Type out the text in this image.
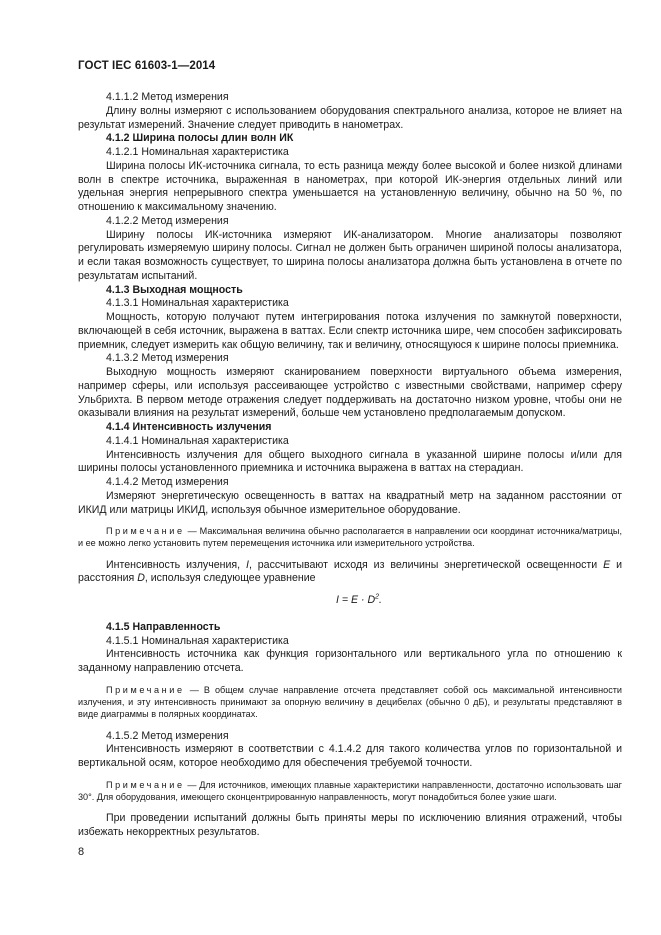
ГОСТ IEC 61603-1—2014

4.1.1.2 Метод измерения

Длину волны измеряют с использованием оборудования спектрального анализа, которое не влияет на результат измерений. Значение следует приводить в нанометрах.

4.1.2 Ширина полосы длин волн ИК

4.1.2.1 Номинальная характеристика

Ширина полосы ИК-источника сигнала, то есть разница между более высокой и более низкой длинами волн в спектре источника, выраженная в нанометрах, при которой ИК-энергия отдельных линий или удельная энергия непрерывного спектра уменьшается на установленную величину, обычно на 50 %, по отношению к максимальному значению.

4.1.2.2 Метод измерения

Ширину полосы ИК-источника измеряют ИК-анализатором. Многие анализаторы позволяют регулировать измеряемую ширину полосы. Сигнал не должен быть ограничен шириной полосы анализатора, и если такая возможность существует, то ширина полосы анализатора должна быть установлена в отчете по результатам испытаний.

4.1.3 Выходная мощность

4.1.3.1 Номинальная характеристика

Мощность, которую получают путем интегрирования потока излучения по замкнутой поверхности, включающей в себя источник, выражена в ваттах. Если спектр источника шире, чем способен зафиксировать приемник, следует измерить как общую величину, так и величину, относящуюся к ширине полосы приемника.

4.1.3.2 Метод измерения

Выходную мощность измеряют сканированием поверхности виртуального объема измерения, например сферы, или используя рассеивающее устройство с известными свойствами, например сферу Ульбрихта. В первом методе отражения следует поддерживать на достаточно низком уровне, чтобы они не оказывали влияния на результат измерений, больше чем установлено предполагаемым допуском.

4.1.4 Интенсивность излучения

4.1.4.1 Номинальная характеристика

Интенсивность излучения для общего выходного сигнала в указанной ширине полосы и/или для ширины полосы установленного приемника и источника выражена в ваттах на стерадиан.

4.1.4.2 Метод измерения

Измеряют энергетическую освещенность в ваттах на квадратный метр на заданном расстоянии от ИКИД или матрицы ИКИД, используя обычное измерительное оборудование.

Примечание — Максимальная величина обычно располагается в направлении оси координат источника/матрицы, и ее можно легко установить путем перемещения источника или измерительного устройства.

Интенсивность излучения, I, рассчитывают исходя из величины энергетической освещенности E и расстояния D, используя следующее уравнение

$I = E \cdot D^2$.

4.1.5 Направленность

4.1.5.1 Номинальная характеристика

Интенсивность источника как функция горизонтального или вертикального угла по отношению к заданному направлению отсчета.

Примечание — В общем случае направление отсчета представляет собой ось максимальной интенсивности излучения, и эту интенсивность принимают за опорную величину в децибелах (обычно 0 дБ), и результаты представляют в виде диаграммы в полярных координатах.

4.1.5.2 Метод измерения

Интенсивность измеряют в соответствии с 4.1.4.2 для такого количества углов по горизонтальной и вертикальной осям, которое необходимо для обеспечения требуемой точности.

Примечание — Для источников, имеющих плавные характеристики направленности, достаточно использовать шаг 30°. Для оборудования, имеющего сконцентрированную направленность, могут понадобиться более узкие шаги.

При проведении испытаний должны быть приняты меры по исключению влияния отражений, чтобы избежать некорректных результатов.

8
